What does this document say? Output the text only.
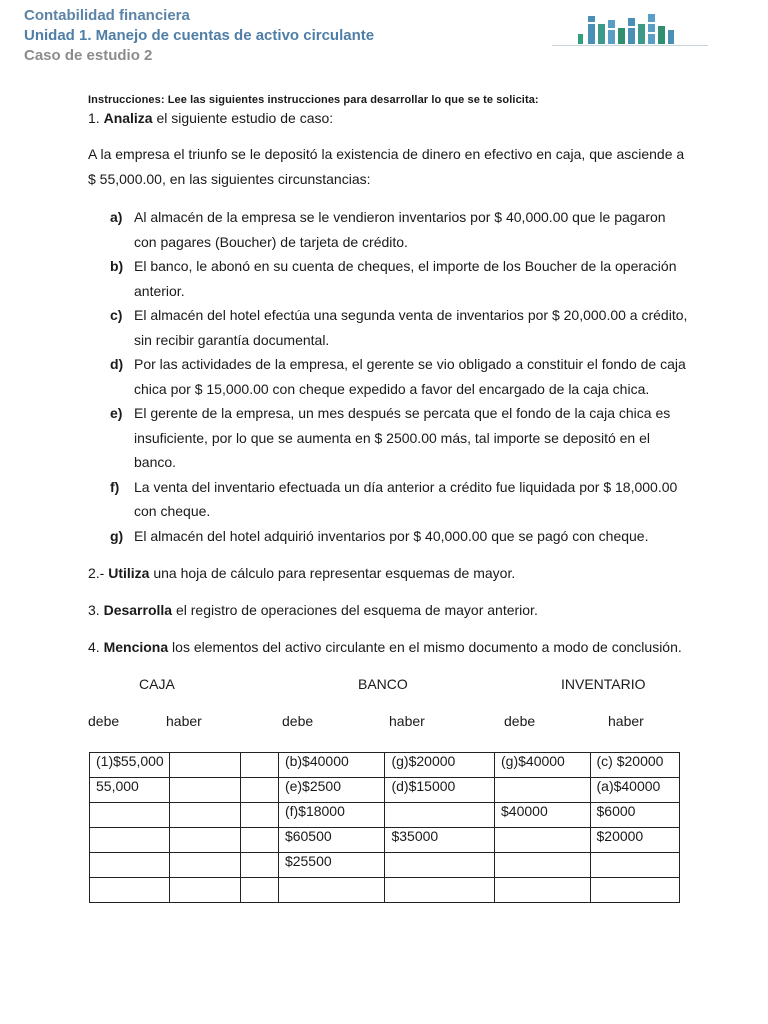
Contabilidad financiera
Unidad 1. Manejo de cuentas de activo circulante
Caso de estudio 2
Instrucciones: Lee las siguientes instrucciones para desarrollar lo que se te solicita:

1. Analiza el siguiente estudio de caso:

A la empresa el triunfo se le depositó la existencia de dinero en efectivo en caja, que asciende a $ 55,000.00, en las siguientes circunstancias:

a) Al almacén de la empresa se le vendieron inventarios por $ 40,000.00 que le pagaron con pagares (Boucher) de tarjeta de crédito.
b) El banco, le abonó en su cuenta de cheques, el importe de los Boucher de la operación anterior.
c) El almacén del hotel efectúa una segunda venta de inventarios por $ 20,000.00 a crédito, sin recibir garantía documental.
d) Por las actividades de la empresa, el gerente se vio obligado a constituir el fondo de caja chica por $ 15,000.00 con cheque expedido a favor del encargado de la caja chica.
e) El gerente de la empresa, un mes después se percata que el fondo de la caja chica es insuficiente, por lo que se aumenta en $ 2500.00 más, tal importe se depositó en el banco.
f) La venta del inventario efectuada un día anterior a crédito fue liquidada por $ 18,000.00 con cheque.
g) El almacén del hotel adquirió inventarios por $ 40,000.00 que se pagó con cheque.

2.- Utiliza una hoja de cálculo para representar esquemas de mayor.

3. Desarrolla el registro de operaciones del esquema de mayor anterior.

4. Menciona los elementos del activo circulante en el mismo documento a modo de conclusión.

CAJA	BANCO	INVENTARIO
debe	haber	debe	haber	debe	haber
(1)$55,000			(b)$40000	(g)$20000	(g)$40000	(c) $20000
55,000			(e)$2500	(d)$15000		(a)$40000
			(f)$18000		$40000	$6000
			$60500	$35000		$20000
			$25500			
